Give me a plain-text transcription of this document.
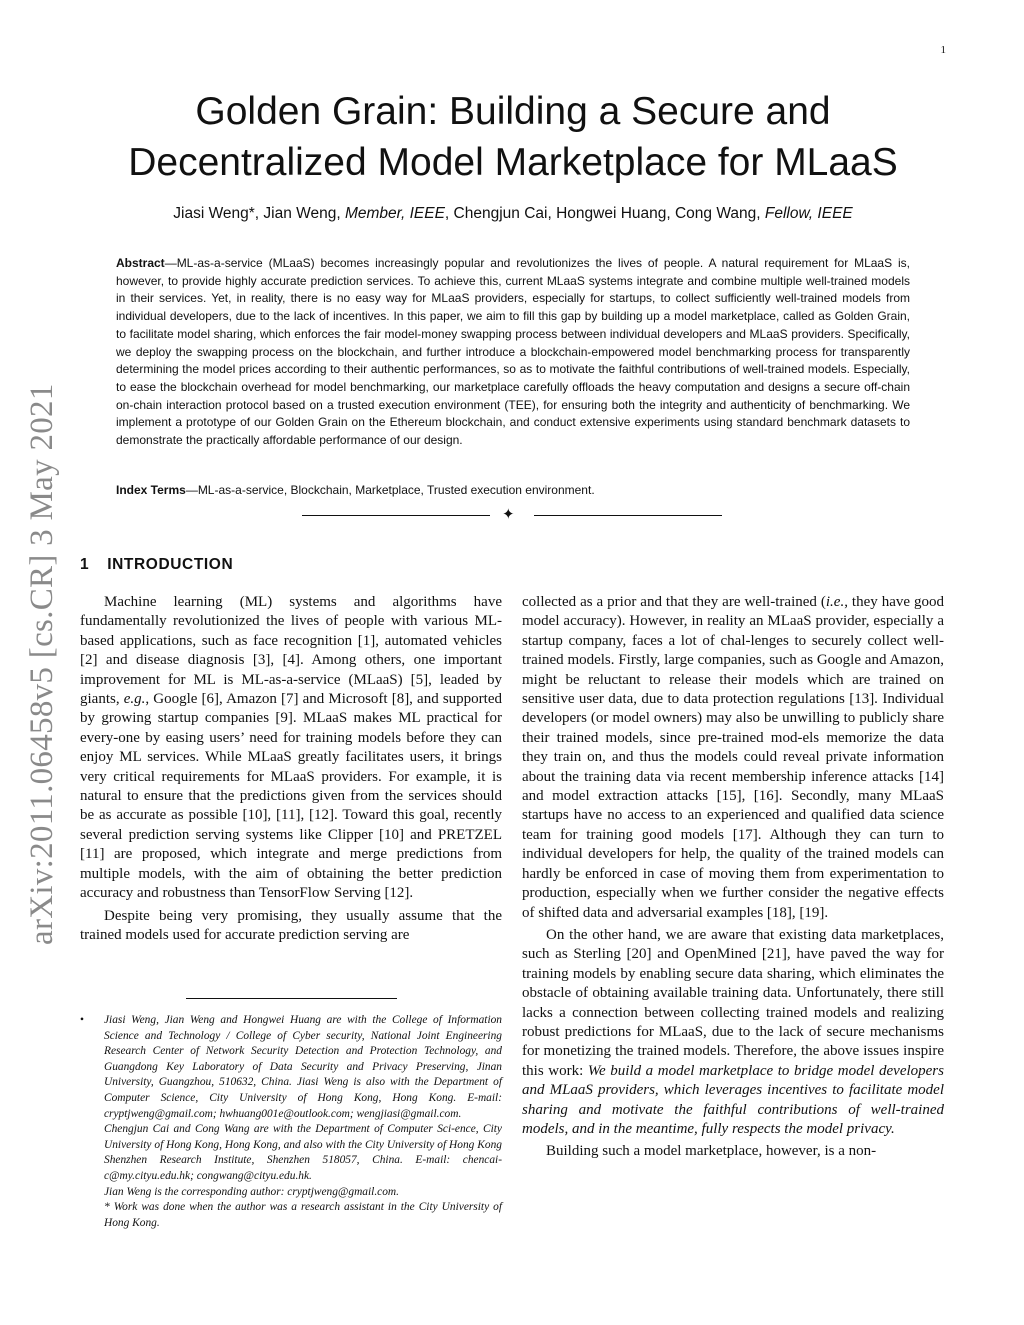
1
arXiv:2011.06458v5 [cs.CR] 3 May 2021
Golden Grain: Building a Secure and
Decentralized Model Marketplace for MLaaS
Jiasi Weng*, Jian Weng, Member, IEEE, Chengjun Cai, Hongwei Huang, Cong Wang, Fellow, IEEE
Abstract—ML-as-a-service (MLaaS) becomes increasingly popular and revolutionizes the lives of people. A natural requirement for MLaaS is, however, to provide highly accurate prediction services. To achieve this, current MLaaS systems integrate and combine multiple well-trained models in their services. Yet, in reality, there is no easy way for MLaaS providers, especially for startups, to collect sufficiently well-trained models from individual developers, due to the lack of incentives. In this paper, we aim to fill this gap by building up a model marketplace, called as Golden Grain, to facilitate model sharing, which enforces the fair model-money swapping process between individual developers and MLaaS providers. Specifically, we deploy the swapping process on the blockchain, and further introduce a blockchain-empowered model benchmarking process for transparently determining the model prices according to their authentic performances, so as to motivate the faithful contributions of well-trained models. Especially, to ease the blockchain overhead for model benchmarking, our marketplace carefully offloads the heavy computation and designs a secure off-chain on-chain interaction protocol based on a trusted execution environment (TEE), for ensuring both the integrity and authenticity of benchmarking. We implement a prototype of our Golden Grain on the Ethereum blockchain, and conduct extensive experiments using standard benchmark datasets to demonstrate the practically affordable performance of our design.
Index Terms—ML-as-a-service, Blockchain, Marketplace, Trusted execution environment.
✦
1 INTRODUCTION

Machine learning (ML) systems and algorithms have fundamentally revolutionized the lives of people with various ML-based applications, such as face recognition [1], automated vehicles [2] and disease diagnosis [3], [4]. Among others, one important improvement for ML is ML-as-a-service (MLaaS) [5], leaded by giants, e.g., Google [6], Amazon [7] and Microsoft [8], and supported by growing startup companies [9]. MLaaS makes ML practical for every-one by easing users’ need for training models before they can enjoy ML services. While MLaaS greatly facilitates users, it brings very critical requirements for MLaaS providers. For example, it is natural to ensure that the predictions given from the services should be as accurate as possible [10], [11], [12]. Toward this goal, recently several prediction serving systems like Clipper [10] and PRETZEL [11] are proposed, which integrate and merge predictions from multiple models, with the aim of obtaining the better prediction accuracy and robustness than TensorFlow Serving [12].

Despite being very promising, they usually assume that the trained models used for accurate prediction serving are

collected as a prior and that they are well-trained (i.e., they have good model accuracy). However, in reality an MLaaS provider, especially a startup company, faces a lot of chal-lenges to securely collect well-trained models. Firstly, large companies, such as Google and Amazon, might be reluctant to release their models which are trained on sensitive user data, due to data protection regulations [13]. Individual developers (or model owners) may also be unwilling to publicly share their trained models, since pre-trained mod-els memorize the data they train on, and thus the models could reveal private information about the training data via recent membership inference attacks [14] and model extraction attacks [15], [16]. Secondly, many MLaaS startups have no access to an experienced and qualified data science team for training good models [17]. Although they can turn to individual developers for help, the quality of the trained models can hardly be enforced in case of moving them from experimentation to production, especially when we further consider the negative effects of shifted data and adversarial examples [18], [19].

On the other hand, we are aware that existing data marketplaces, such as Sterling [20] and OpenMined [21], have paved the way for training models by enabling secure data sharing, which eliminates the obstacle of obtaining available training data. Unfortunately, there still lacks a connection between collecting trained models and realizing robust predictions for MLaaS, due to the lack of secure mechanisms for monetizing the trained models. Therefore, the above issues inspire this work: We build a model marketplace to bridge model developers and MLaaS providers, which leverages incentives to facilitate model sharing and motivate the faithful contributions of well-trained models, and in the meantime, fully respects the model privacy.

Building such a model marketplace, however, is a non-

• Jiasi Weng, Jian Weng and Hongwei Huang are with the College of Information Science and Technology / College of Cyber security, National Joint Engineering Research Center of Network Security Detection and Protection Technology, and Guangdong Key Laboratory of Data Security and Privacy Preserving, Jinan University, Guangzhou, 510632, China. Jiasi Weng is also with the Department of Computer Science, City University of Hong Kong, Hong Kong. E-mail: cryptjweng@gmail.com; hwhuang001e@outlook.com; wengjiasi@gmail.com.

Chengjun Cai and Cong Wang are with the Department of Computer Sci-ence, City University of Hong Kong, Hong Kong, and also with the City University of Hong Kong Shenzhen Research Institute, Shenzhen 518057, China. E-mail: chencai-c@my.cityu.edu.hk; congwang@cityu.edu.hk.

Jian Weng is the corresponding author: cryptjweng@gmail.com.

* Work was done when the author was a research assistant in the City University of Hong Kong.
